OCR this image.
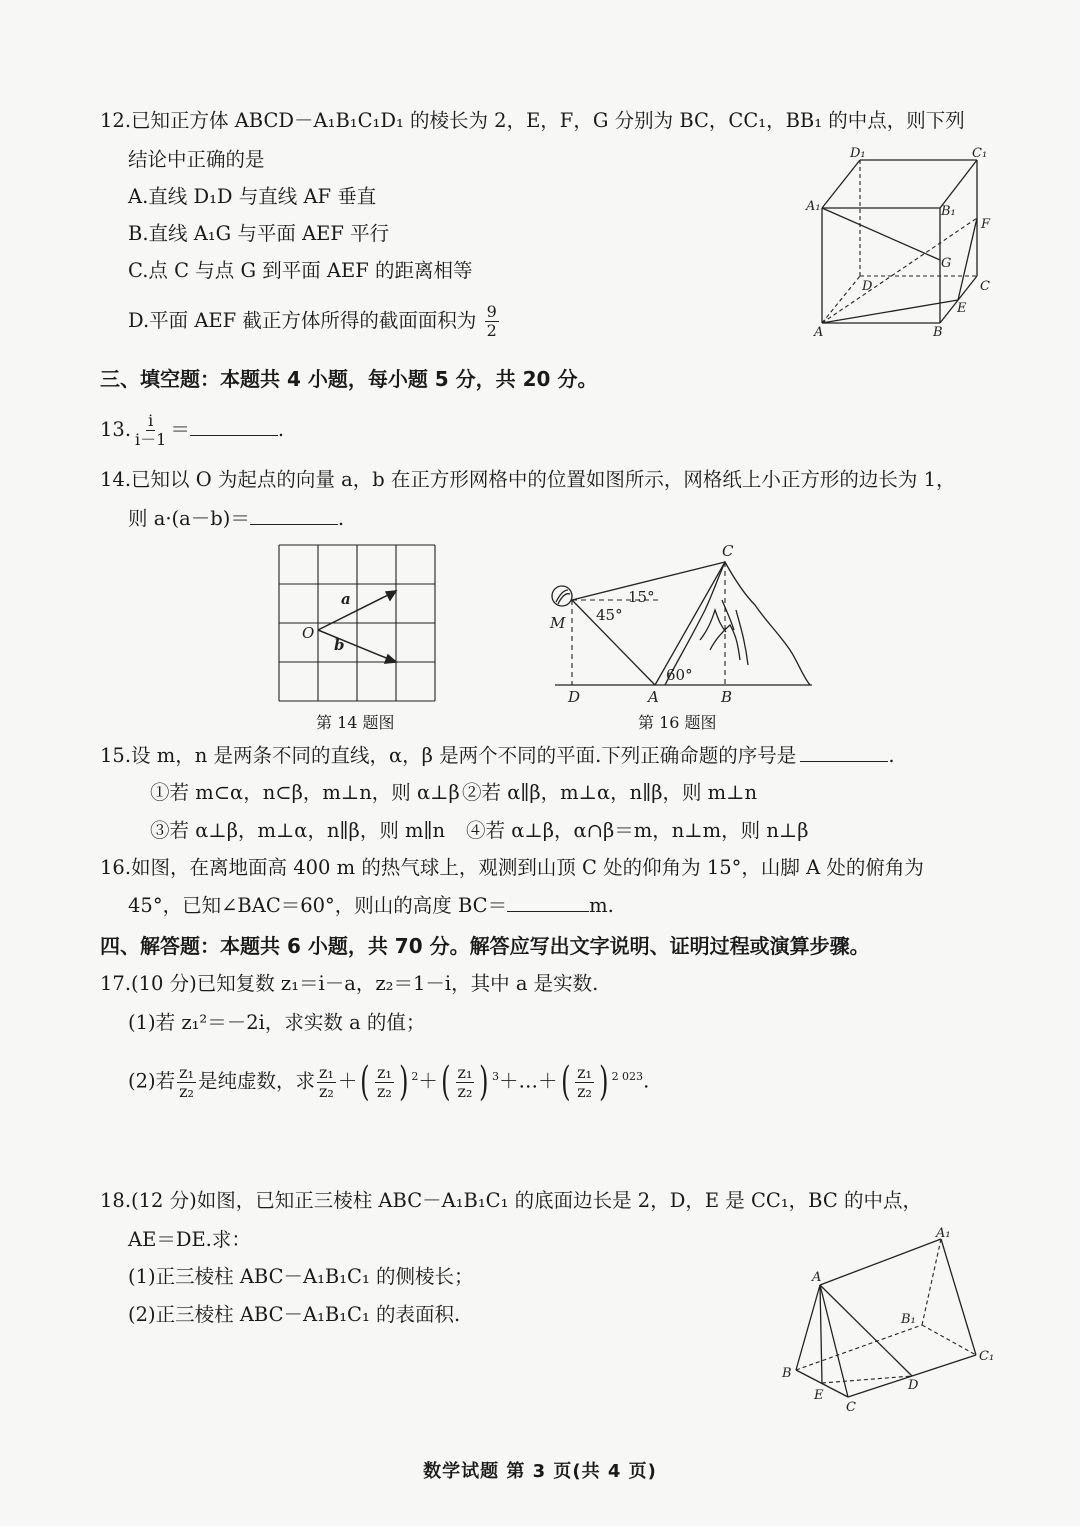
12.已知正方体 ABCD－A₁B₁C₁D₁ 的棱长为 2，E，F，G 分别为 BC，CC₁，BB₁ 的中点，则下列
结论中正确的是
A.直线 D₁D 与直线 AF 垂直
B.直线 A₁G 与平面 AEF 平行
C.点 C 与点 G 到平面 AEF 的距离相等
D.平面 AEF 截正方体所得的截面面积为 $\frac{9}{2}$
D₁	C₁
A₁	B₁
F
G
C
D
E
A	B
三、填空题：本题共 4 小题，每小题 5 分，共 20 分。
13. $\frac{i}{i-1}$ ＝	.
14.已知以 O 为起点的向量 a，b 在正方形网格中的位置如图所示，网格纸上小正方形的边长为 1，
则 a·(a－b)＝	.
a
b
O
第 14 题图
C
M
D	A	B
15°
45°
60°
第 16 题图
15.设 m，n 是两条不同的直线，α，β 是两个不同的平面.下列正确命题的序号是	.
①若 m⊂α，n⊂β，m⊥n，则 α⊥β ②若 α∥β，m⊥α，n∥β，则 m⊥n
③若 α⊥β，m⊥α，n∥β，则 m∥n ④若 α⊥β，α∩β＝m，n⊥m，则 n⊥β
16.如图，在离地面高 400 m 的热气球上，观测到山顶 C 处的仰角为 15°，山脚 A 处的俯角为
45°，已知∠BAC＝60°，则山的高度 BC＝	m.
四、解答题：本题共 6 小题，共 70 分。解答应写出文字说明、证明过程或演算步骤。
17.(10 分)已知复数 z₁＝i－a，z₂＝1－i，其中 a 是实数.
(1)若 z₁²＝－2i，求实数 a 的值；
(2)若 $\frac{\text{z₁}}{\text{z₂}}$ 是纯虚数，求 $\frac{\text{z₁}}{\text{z₂}}$ ＋( $\frac{\text{z₁}}{\text{z₂}}$ ) $^2+( \frac{\text{z₁}}{\text{z₂}}$ ) $^3$＋…＋( $\frac{\text{z₁}}{\text{z₂}}$ ) $^{2 023}$.
18.(12 分)如图，已知正三棱柱 ABC－A₁B₁C₁ 的底面边长是 2，D，E 是 CC₁，BC 的中点，
AE＝DE.求：
(1)正三棱柱 ABC－A₁B₁C₁ 的侧棱长；
(2)正三棱柱 ABC－A₁B₁C₁ 的表面积.
A₁
A
B₁
C₁
B
D
E
C
数学试题 第 3 页(共 4 页)
